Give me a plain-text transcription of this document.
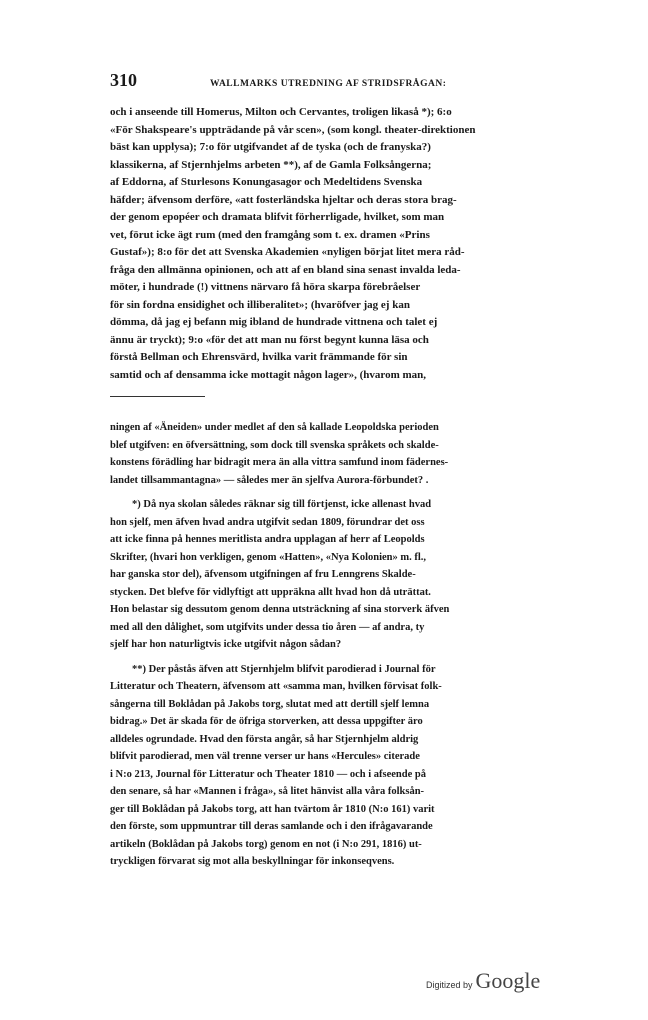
310	WALLMARKS UTREDNING AF STRIDSFRÅGAN:
och i anseende till Homerus, Milton och Cervantes, troligen likaså *); 6:o
«För Shakspeare's uppträdande på vår scen», (som kongl. theater-direktionen
bäst kan upplysa); 7:o för utgifvandet af de tyska (och de franyska?)
klassikerna, af Stjernhjelms arbeten **), af de Gamla Folksångerna;
af Eddorna, af Sturlesons Konungasagor och Medeltidens Svenska
häfder; äfvensom derföre, «att fosterländska hjeltar och deras stora brag-
der genom epopéer och dramata blifvit förherrligade, hvilket, som man
vet, förut icke ägt rum (med den framgång som t. ex. dramen «Prins
Gustaf»); 8:o för det att Svenska Akademien «nyligen börjat litet mera råd-
fråga den allmänna opinionen, och att af en bland sina senast invalda leda-
möter, i hundrade (!) vittnens närvaro få höra skarpa förebråelser
för sin fordna ensidighet och illiberalitet»; (hvaröfver jag ej kan
dömma, då jag ej befann mig ibland de hundrade vittnena och talet ej
ännu är tryckt); 9:o «för det att man nu först begynt kunna läsa och
förstå Bellman och Ehrensvärd, hvilka varit främmande för sin
samtid och af densamma icke mottagit någon lager», (hvarom man,
ningen af «Äneiden» under medlet af den så kallade Leopoldska perioden
blef utgifven: en öfversättning, som dock till svenska språkets och skalde-
konstens förädling har bidragit mera än alla vittra samfund inom fädernes-
landet tillsammantagna» — således mer än sjelfva Aurora-förbundet? .
*) Då nya skolan således räknar sig till förtjenst, icke allenast hvad
hon sjelf, men äfven hvad andra utgifvit sedan 1809, förundrar det oss
att icke finna på hennes meritlista andra upplagan af herr af Leopolds
Skrifter, (hvari hon verkligen, genom «Hatten», «Nya Kolonien» m. fl.,
har ganska stor del), äfvensom utgifningen af fru Lenngrens Skalde-
stycken. Det blefve för vidlyftigt att uppräkna allt hvad hon då uträttat.
Hon belastar sig dessutom genom denna utsträckning af sina storverk äfven
med all den dålighet, som utgifvits under dessa tio åren — af andra, ty
sjelf har hon naturligtvis icke utgifvit någon sådan?
**) Der påstås äfven att Stjernhjelm blifvit parodierad i Journal för
Litteratur och Theatern, äfvensom att «samma man, hvilken förvisat folk-
sångerna till Boklådan på Jakobs torg, slutat med att dertill sjelf lemna
bidrag.» Det är skada för de öfriga storverken, att dessa uppgifter äro
alldeles ogrundade. Hvad den första angår, så har Stjernhjelm aldrig
blifvit parodierad, men väl trenne verser ur hans «Hercules» citerade
i N:o 213, Journal för Litteratur och Theater 1810 — och i afseende på
den senare, så har «Mannen i fråga», så litet hänvist alla våra folksån-
ger till Boklådan på Jakobs torg, att han tvärtom år 1810 (N:o 161) varit
den förste, som uppmuntrar till deras samlande och i den ifrågavarande
artikeln (Boklådan på Jakobs torg) genom en not (i N:o 291, 1816) ut-
tryckligen förvarat sig mot alla beskyllningar för inkonseqvens.
Digitized by Google
